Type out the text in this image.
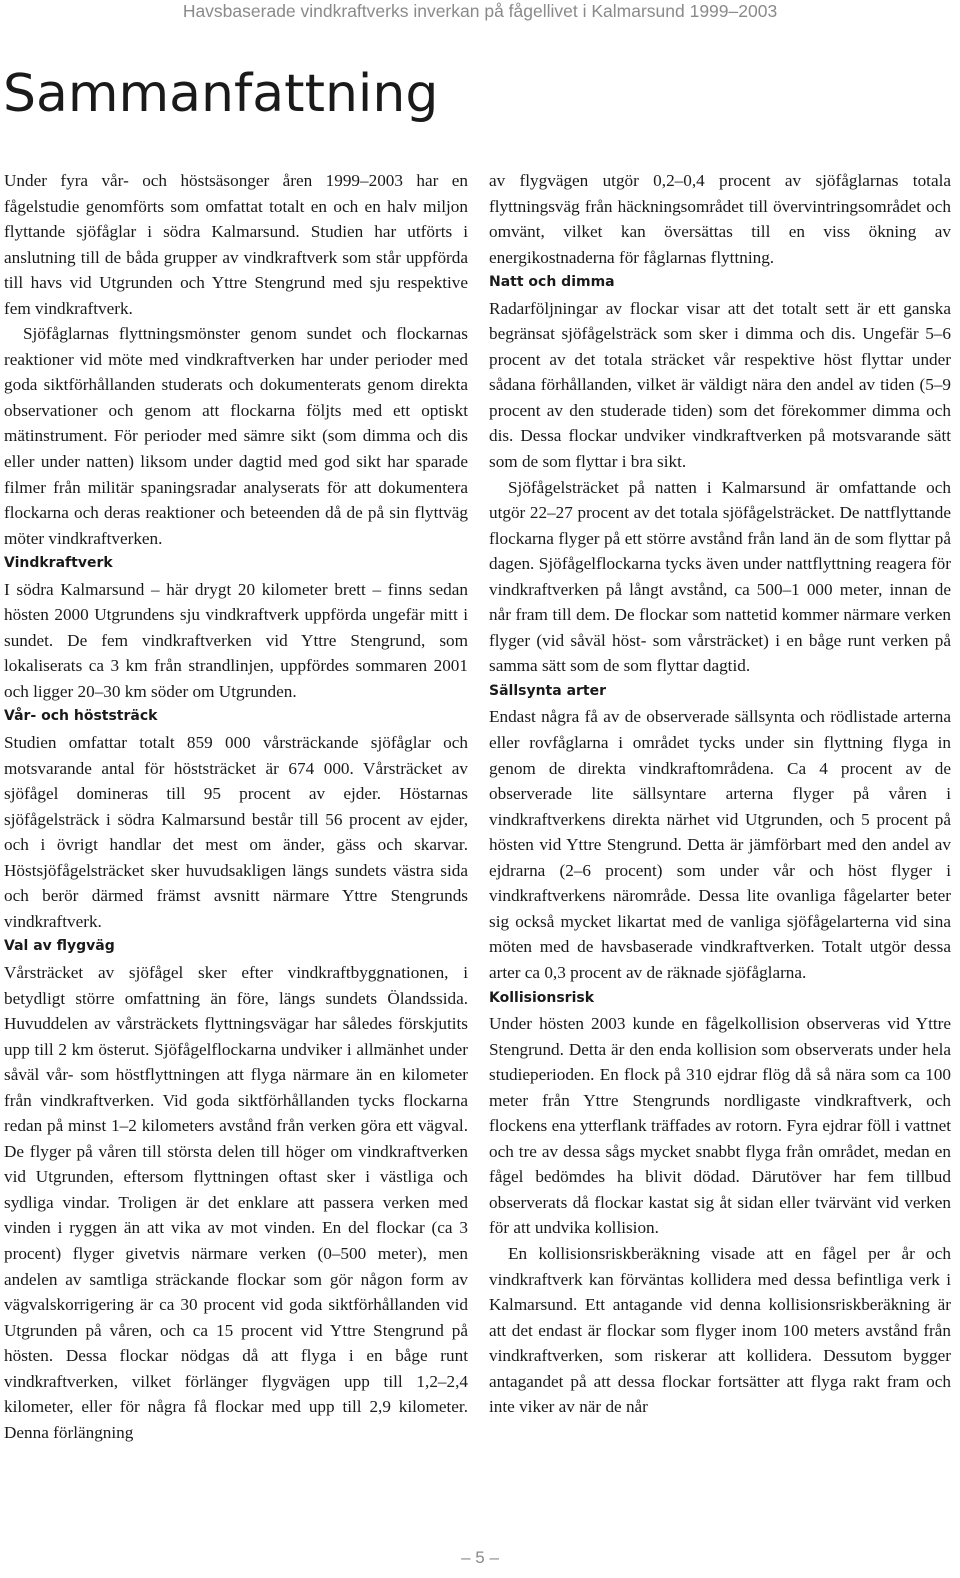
Havsbaserade vindkraftverks inverkan på fågellivet i Kalmarsund 1999–2003
Sammanfattning

Under fyra vår- och höstsäsonger åren 1999–2003 har en fågelstudie genomförts som omfattat totalt en och en halv miljon flyttande sjöfåglar i södra Kalmarsund. Studien har utförts i anslutning till de båda grupper av vindkraftverk som står uppförda till havs vid Utgrunden och Yttre Stengrund med sju respektive fem vindkraftverk.

Sjöfåglarnas flyttningsmönster genom sundet och flockarnas reaktioner vid möte med vindkraftverken har under perioder med goda siktförhållanden studerats och dokumenterats genom direkta observationer och genom att flockarna följts med ett optiskt mätinstrument. För perioder med sämre sikt (som dimma och dis eller under natten) liksom under dagtid med god sikt har sparade filmer från militär spaningsradar analyserats för att dokumentera flockarna och deras reaktioner och beteenden då de på sin flyttväg möter vindkraftverken.

Vindkraftverk

I södra Kalmarsund – här drygt 20 kilometer brett – finns sedan hösten 2000 Utgrundens sju vindkraftverk uppförda ungefär mitt i sundet. De fem vindkraftverken vid Yttre Stengrund, som lokaliserats ca 3 km från strandlinjen, uppfördes sommaren 2001 och ligger 20–30 km söder om Utgrunden.

Vår- och höststräck

Studien omfattar totalt 859 000 vårsträckande sjöfåglar och motsvarande antal för höststräcket är 674 000. Vårsträcket av sjöfågel domineras till 95 procent av ejder. Höstarnas sjöfågelsträck i södra Kalmarsund består till 56 procent av ejder, och i övrigt handlar det mest om änder, gäss och skarvar. Höstsjöfågelsträcket sker huvudsakligen längs sundets västra sida och berör därmed främst avsnitt närmare Yttre Stengrunds vindkraftverk.

Val av flygväg

Vårsträcket av sjöfågel sker efter vindkraftbyggnationen, i betydligt större omfattning än före, längs sundets Ölandssida. Huvuddelen av vårsträckets flyttningsvägar har således förskjutits upp till 2 km österut. Sjöfågelflockarna undviker i allmänhet under såväl vår- som höstflyttningen att flyga närmare än en kilometer från vindkraftverken. Vid goda siktförhållanden tycks flockarna redan på minst 1–2 kilometers avstånd från verken göra ett vägval. De flyger på våren till största delen till höger om vindkraftverken vid Utgrunden, eftersom flyttningen oftast sker i västliga och sydliga vindar. Troligen är det enklare att passera verken med vinden i ryggen än att vika av mot vinden. En del flockar (ca 3 procent) flyger givetvis närmare verken (0–500 meter), men andelen av samtliga sträckande flockar som gör någon form av vägvalskorrigering är ca 30 procent vid goda siktförhållanden vid Utgrunden på våren, och ca 15 procent vid Yttre Stengrund på hösten. Dessa flockar nödgas då att flyga i en båge runt vindkraftverken, vilket förlänger flygvägen upp till 1,2–2,4 kilometer, eller för några få flockar med upp till 2,9 kilometer. Denna förlängning

av flygvägen utgör 0,2–0,4 procent av sjöfåglarnas totala flyttningsväg från häckningsområdet till övervintringsområdet och omvänt, vilket kan översättas till en viss ökning av energikostnaderna för fåglarnas flyttning.

Natt och dimma

Radarföljningar av flockar visar att det totalt sett är ett ganska begränsat sjöfågelsträck som sker i dimma och dis. Ungefär 5–6 procent av det totala sträcket vår respektive höst flyttar under sådana förhållanden, vilket är väldigt nära den andel av tiden (5–9 procent av den studerade tiden) som det förekommer dimma och dis. Dessa flockar undviker vindkraftverken på motsvarande sätt som de som flyttar i bra sikt.

Sjöfågelsträcket på natten i Kalmarsund är omfattande och utgör 22–27 procent av det totala sjöfågelsträcket. De nattflyttande flockarna flyger på ett större avstånd från land än de som flyttar på dagen. Sjöfågelflockarna tycks även under nattflyttning reagera för vindkraftverken på långt avstånd, ca 500–1 000 meter, innan de når fram till dem. De flockar som nattetid kommer närmare verken flyger (vid såväl höst- som vårsträcket) i en båge runt verken på samma sätt som de som flyttar dagtid.

Sällsynta arter

Endast några få av de observerade sällsynta och rödlistade arterna eller rovfåglarna i området tycks under sin flyttning flyga in genom de direkta vindkraftområdena. Ca 4 procent av de observerade lite sällsyntare arterna flyger på våren i vindkraftverkens direkta närhet vid Utgrunden, och 5 procent på hösten vid Yttre Stengrund. Detta är jämförbart med den andel av ejdrarna (2–6 procent) som under vår och höst flyger i vindkraftverkens närområde. Dessa lite ovanliga fågelarter beter sig också mycket likartat med de vanliga sjöfågelarterna vid sina möten med de havsbaserade vindkraftverken. Totalt utgör dessa arter ca 0,3 procent av de räknade sjöfåglarna.

Kollisionsrisk

Under hösten 2003 kunde en fågelkollision observeras vid Yttre Stengrund. Detta är den enda kollision som observerats under hela studieperioden. En flock på 310 ejdrar flög då så nära som ca 100 meter från Yttre Stengrunds nordligaste vindkraftverk, och flockens ena ytterflank träffades av rotorn. Fyra ejdrar föll i vattnet och tre av dessa sågs mycket snabbt flyga från området, medan en fågel bedömdes ha blivit dödad. Därutöver har fem tillbud observerats då flockar kastat sig åt sidan eller tvärvänt vid verken för att undvika kollision.

En kollisionsriskberäkning visade att en fågel per år och vindkraftverk kan förväntas kollidera med dessa befintliga verk i Kalmarsund. Ett antagande vid denna kollisionsriskberäkning är att det endast är flockar som flyger inom 100 meters avstånd från vindkraftverken, som riskerar att kollidera. Dessutom bygger antagandet på att dessa flockar fortsätter att flyga rakt fram och inte viker av när de når

– 5 –
